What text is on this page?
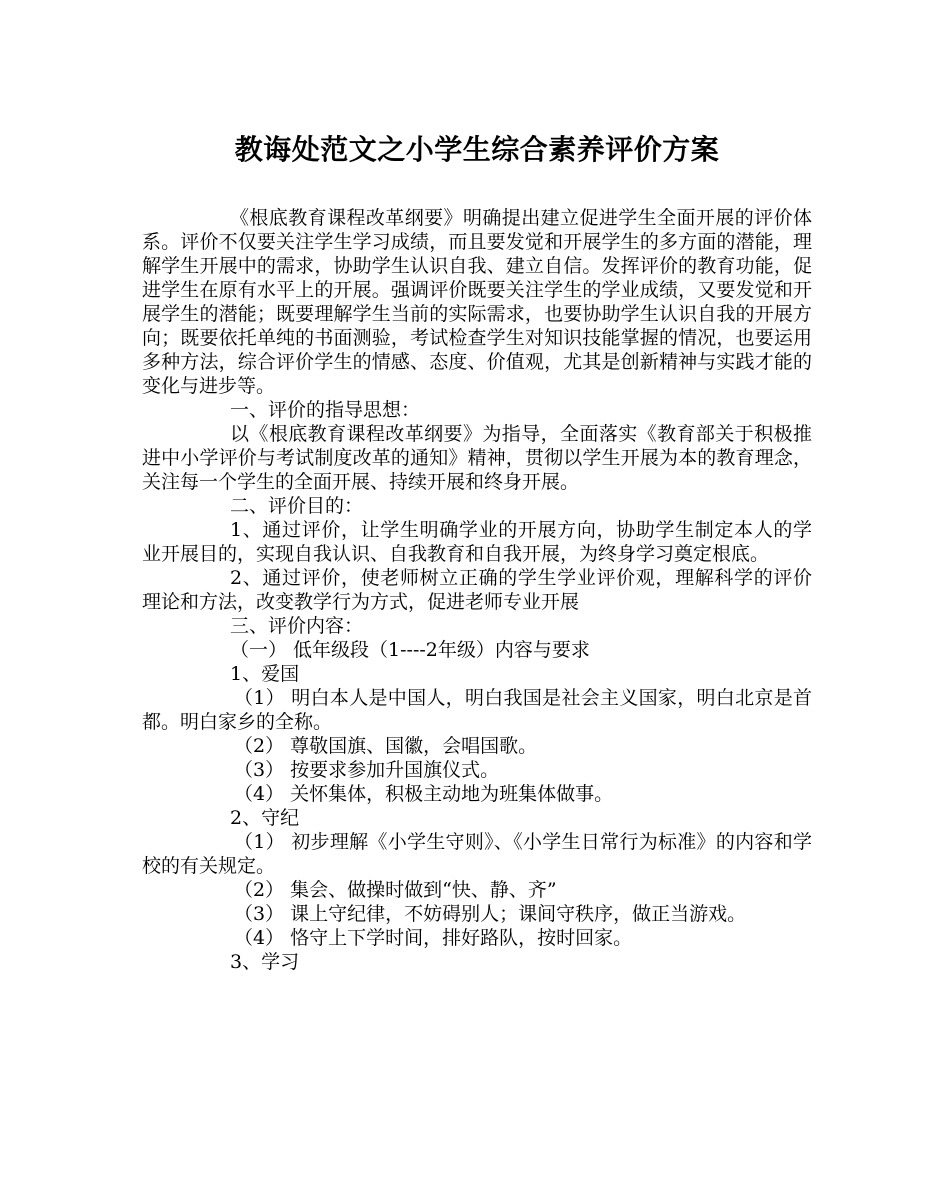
教诲处范文之小学生综合素养评价方案

《根底教育课程改革纲要》明确提出建立促进学生全面开展的评价体系。评价不仅要关注学生学习成绩，而且要发觉和开展学生的多方面的潜能，理解学生开展中的需求，协助学生认识自我、建立自信。发挥评价的教育功能，促进学生在原有水平上的开展。强调评价既要关注学生的学业成绩，又要发觉和开展学生的潜能；既要理解学生当前的实际需求，也要协助学生认识自我的开展方向；既要依托单纯的书面测验，考试检查学生对知识技能掌握的情况，也要运用多种方法，综合评价学生的情感、态度、价值观，尤其是创新精神与实践才能的变化与进步等。

一、评价的指导思想：

以《根底教育课程改革纲要》为指导，全面落实《教育部关于积极推进中小学评价与考试制度改革的通知》精神，贯彻以学生开展为本的教育理念，关注每一个学生的全面开展、持续开展和终身开展。

二、评价目的：

1、通过评价，让学生明确学业的开展方向，协助学生制定本人的学业开展目的，实现自我认识、自我教育和自我开展，为终身学习奠定根底。

2、通过评价，使老师树立正确的学生学业评价观，理解科学的评价理论和方法，改变教学行为方式，促进老师专业开展

三、评价内容：

（一） 低年级段（1----2年级）内容与要求

1、爱国

（1） 明白本人是中国人，明白我国是社会主义国家，明白北京是首都。明白家乡的全称。

（2） 尊敬国旗、国徽，会唱国歌。

（3） 按要求参加升国旗仪式。

（4） 关怀集体，积极主动地为班集体做事。

2、守纪

（1） 初步理解《小学生守则》、《小学生日常行为标准》的内容和学校的有关规定。

（2） 集会、做操时做到“快、静、齐”

（3） 课上守纪律，不妨碍别人；课间守秩序，做正当游戏。

（4） 恪守上下学时间，排好路队，按时回家。

3、学习
